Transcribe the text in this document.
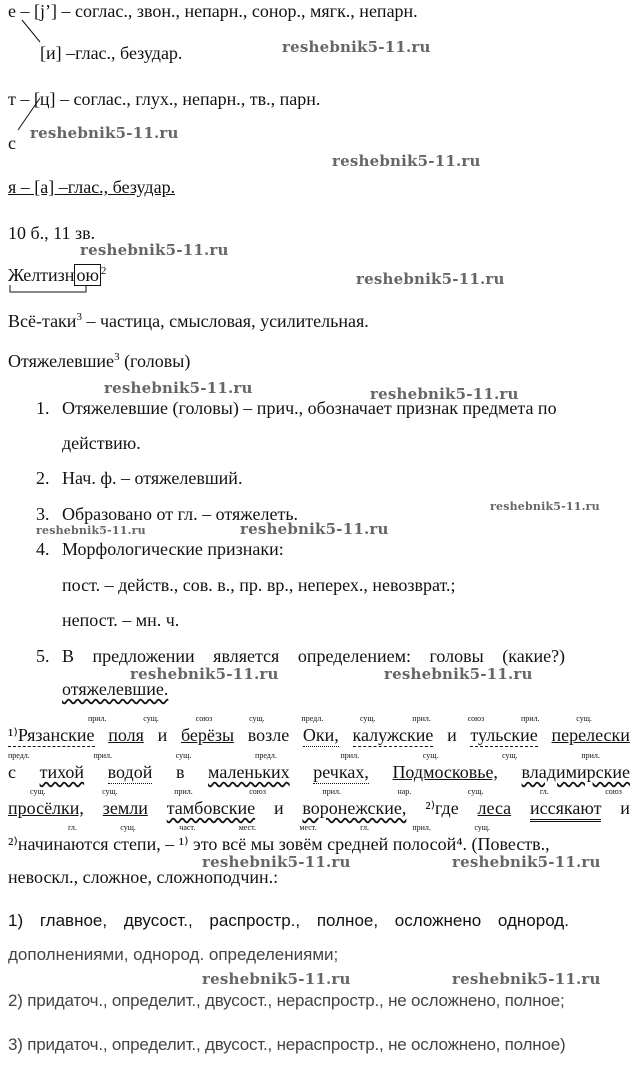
е – [j’] – соглас., звон., непарн., сонор., мягк., непарн.
[и] –глас., безудар.
т – [ц] – соглас., глух., непарн., тв., парн.
с
я – [а] –глас., безудар.
10 б., 11 зв.
Желтизн ою $^2$
Всё-таки$^3$ – частица, смысловая, усилительная.
Отяжелевшие$^3$ (головы)
1. Отяжелевшие (головы) – прич., обозначает признак предмета по
действию.
2. Нач. ф. – отяжелевший.
3. Образовано от гл. – отяжелеть.
4. Морфологические признаки:
пост. – действ., сов. в., пр. вр., неперех., невозврат.;
непост. – мн. ч.
5. В предложении является определением: головы (какие?)
отяжелевшие.
прил.	сущ.	союз	сущ.	предл.	сущ.	прил.	союз	прил.	сущ.
¹⁾Рязанские поля и берёзы возле Оки, калужские и тульские перелески
предл.	прил.	сущ.	предл.	прил.	сущ.	сущ.	прил.
с тихой водой в маленьких речках, Подмосковье, владимирские
сущ.	сущ.	прил.	союз	прил.	нар.	сущ.	гл.	союз
просёлки, земли тамбовские и воронежские, ²⁾где леса иссякают и
гл.	сущ.	част.	мест.	мест.	гл.	прил.	сущ.
²⁾начинаются степи, – ¹⁾ это всё мы зовём средней полосой⁴. (Повеств.,
невоскл., сложное, сложноподчин.:
1) главное, двусост., распростр., полное, осложнено однород.
дополнениями, однород. определениями;
2) придаточ., определит., двусост., нераспростр., не осложнено, полное;
3) придаточ., определит., двусост., нераспростр., не осложнено, полное)
reshebnik5-11.ru
reshebnik5-11.ru
reshebnik5-11.ru
reshebnik5-11.ru
reshebnik5-11.ru
reshebnik5-11.ru	reshebnik5-11.ru
reshebnik5-11.ru
reshebnik5-11.ru	reshebnik5-11.ru
reshebnik5-11.ru	reshebnik5-11.ru
reshebnik5-11.ru	reshebnik5-11.ru
reshebnik5-11.ru	reshebnik5-11.ru
